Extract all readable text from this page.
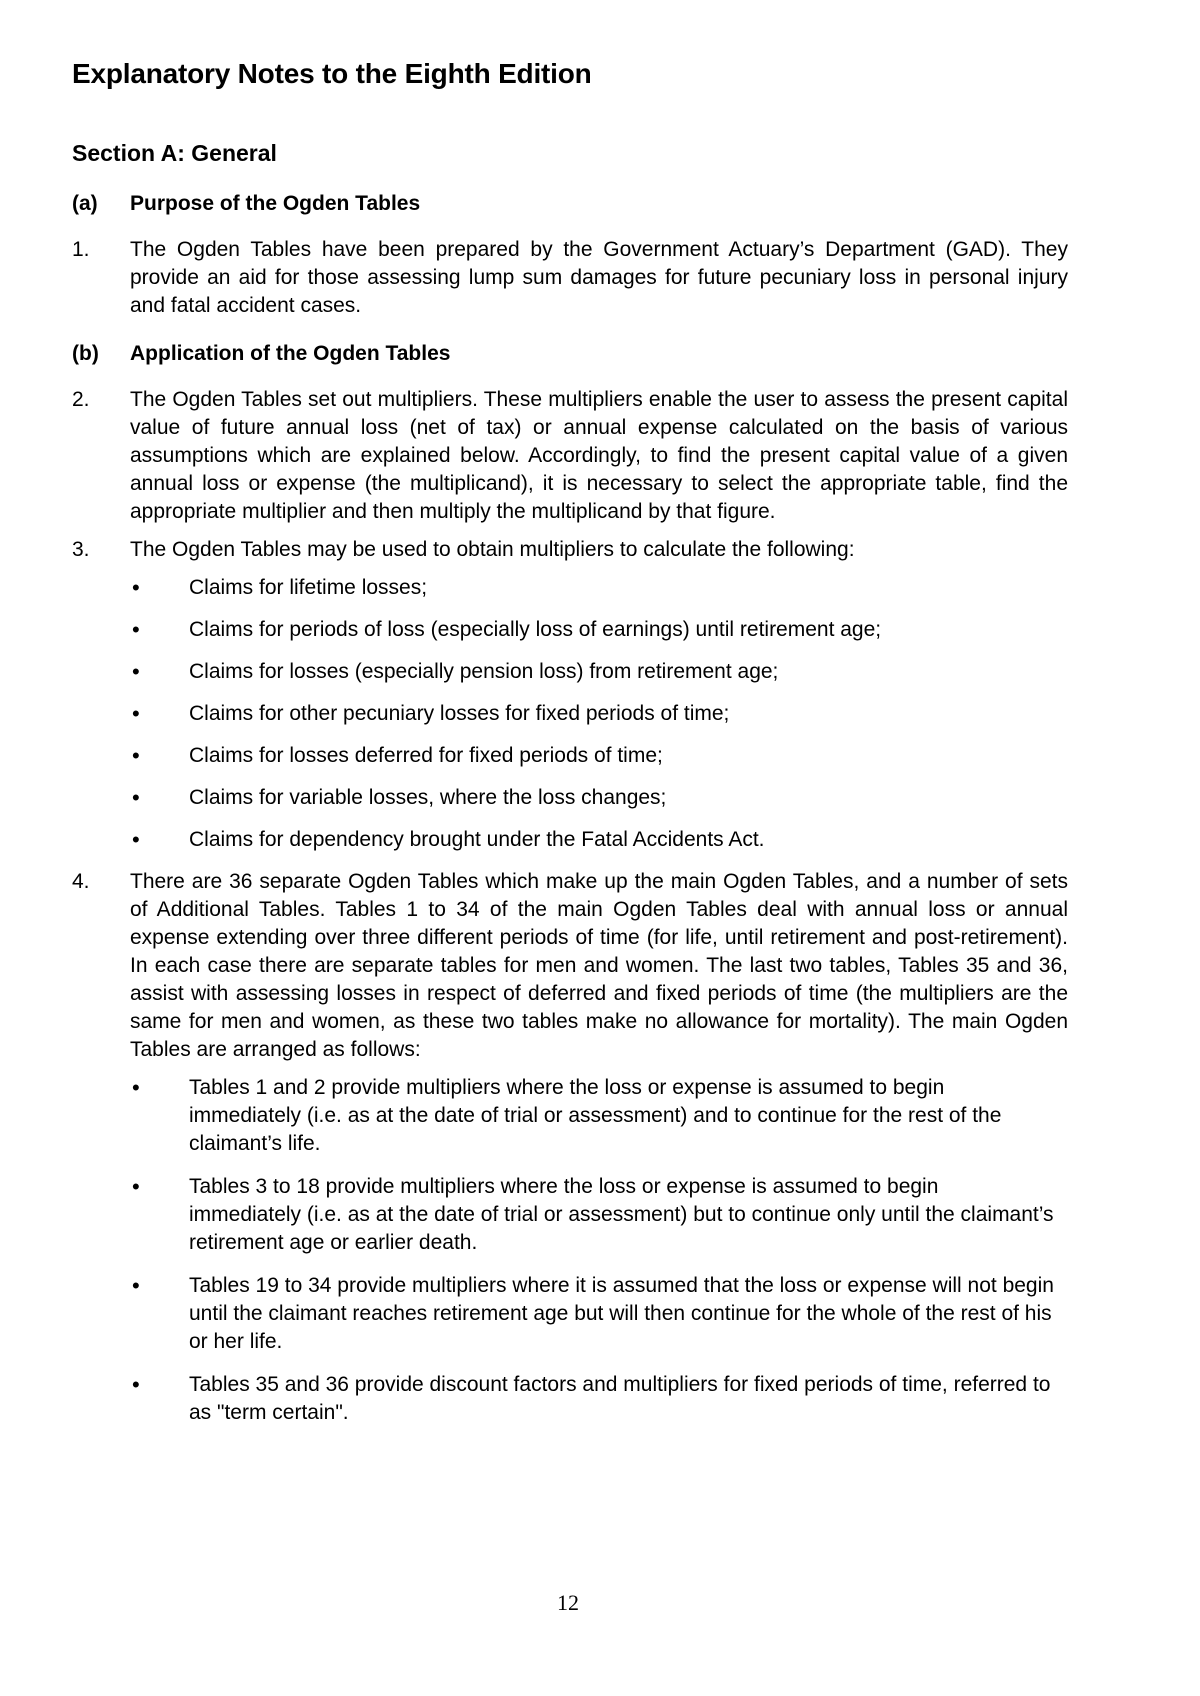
Explanatory Notes to the Eighth Edition
Section A: General
(a)	Purpose of the Ogden Tables
1.	The Ogden Tables have been prepared by the Government Actuary’s Department (GAD). They provide an aid for those assessing lump sum damages for future pecuniary loss in personal injury and fatal accident cases.
(b)	Application of the Ogden Tables
2.	The Ogden Tables set out multipliers. These multipliers enable the user to assess the present capital value of future annual loss (net of tax) or annual expense calculated on the basis of various assumptions which are explained below. Accordingly, to find the present capital value of a given annual loss or expense (the multiplicand), it is necessary to select the appropriate table, find the appropriate multiplier and then multiply the multiplicand by that figure.
3.	The Ogden Tables may be used to obtain multipliers to calculate the following:
•	Claims for lifetime losses;
•	Claims for periods of loss (especially loss of earnings) until retirement age;
•	Claims for losses (especially pension loss) from retirement age;
•	Claims for other pecuniary losses for fixed periods of time;
•	Claims for losses deferred for fixed periods of time;
•	Claims for variable losses, where the loss changes;
•	Claims for dependency brought under the Fatal Accidents Act.
4.	There are 36 separate Ogden Tables which make up the main Ogden Tables, and a number of sets of Additional Tables. Tables 1 to 34 of the main Ogden Tables deal with annual loss or annual expense extending over three different periods of time (for life, until retirement and post-retirement). In each case there are separate tables for men and women. The last two tables, Tables 35 and 36, assist with assessing losses in respect of deferred and fixed periods of time (the multipliers are the same for men and women, as these two tables make no allowance for mortality). The main Ogden Tables are arranged as follows:
•	Tables 1 and 2 provide multipliers where the loss or expense is assumed to begin immediately (i.e. as at the date of trial or assessment) and to continue for the rest of the claimant’s life.
•	Tables 3 to 18 provide multipliers where the loss or expense is assumed to begin immediately (i.e. as at the date of trial or assessment) but to continue only until the claimant’s retirement age or earlier death.
•	Tables 19 to 34 provide multipliers where it is assumed that the loss or expense will not begin until the claimant reaches retirement age but will then continue for the whole of the rest of his or her life.
•	Tables 35 and 36 provide discount factors and multipliers for fixed periods of time, referred to as "term certain".
12
